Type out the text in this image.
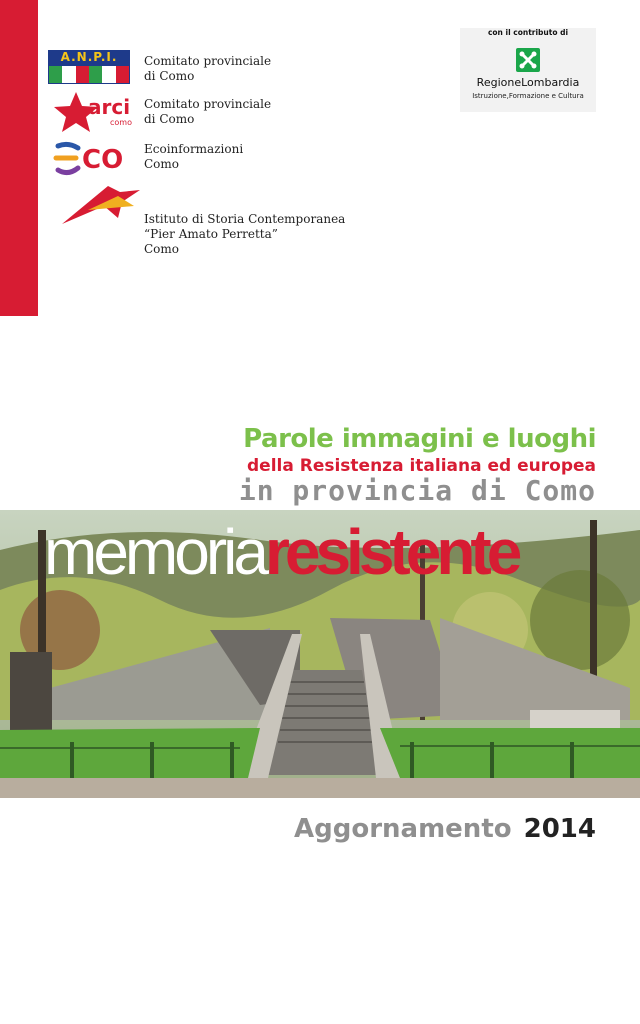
A.N.P.I.	Comitato provinciale
di Como
arci
como
Comitato provinciale
di Como
CO Ecoinformazioni
Como
Istituto di Storia Contemporanea
“Pier Amato Perretta”
Como
con il contributo di
RegioneLombardia
Istruzione,Formazione e Cultura
Parole immagini e luoghi
della Resistenza italiana ed europea
in provincia di Como
memoriaresistente
Aggornamento 2014
